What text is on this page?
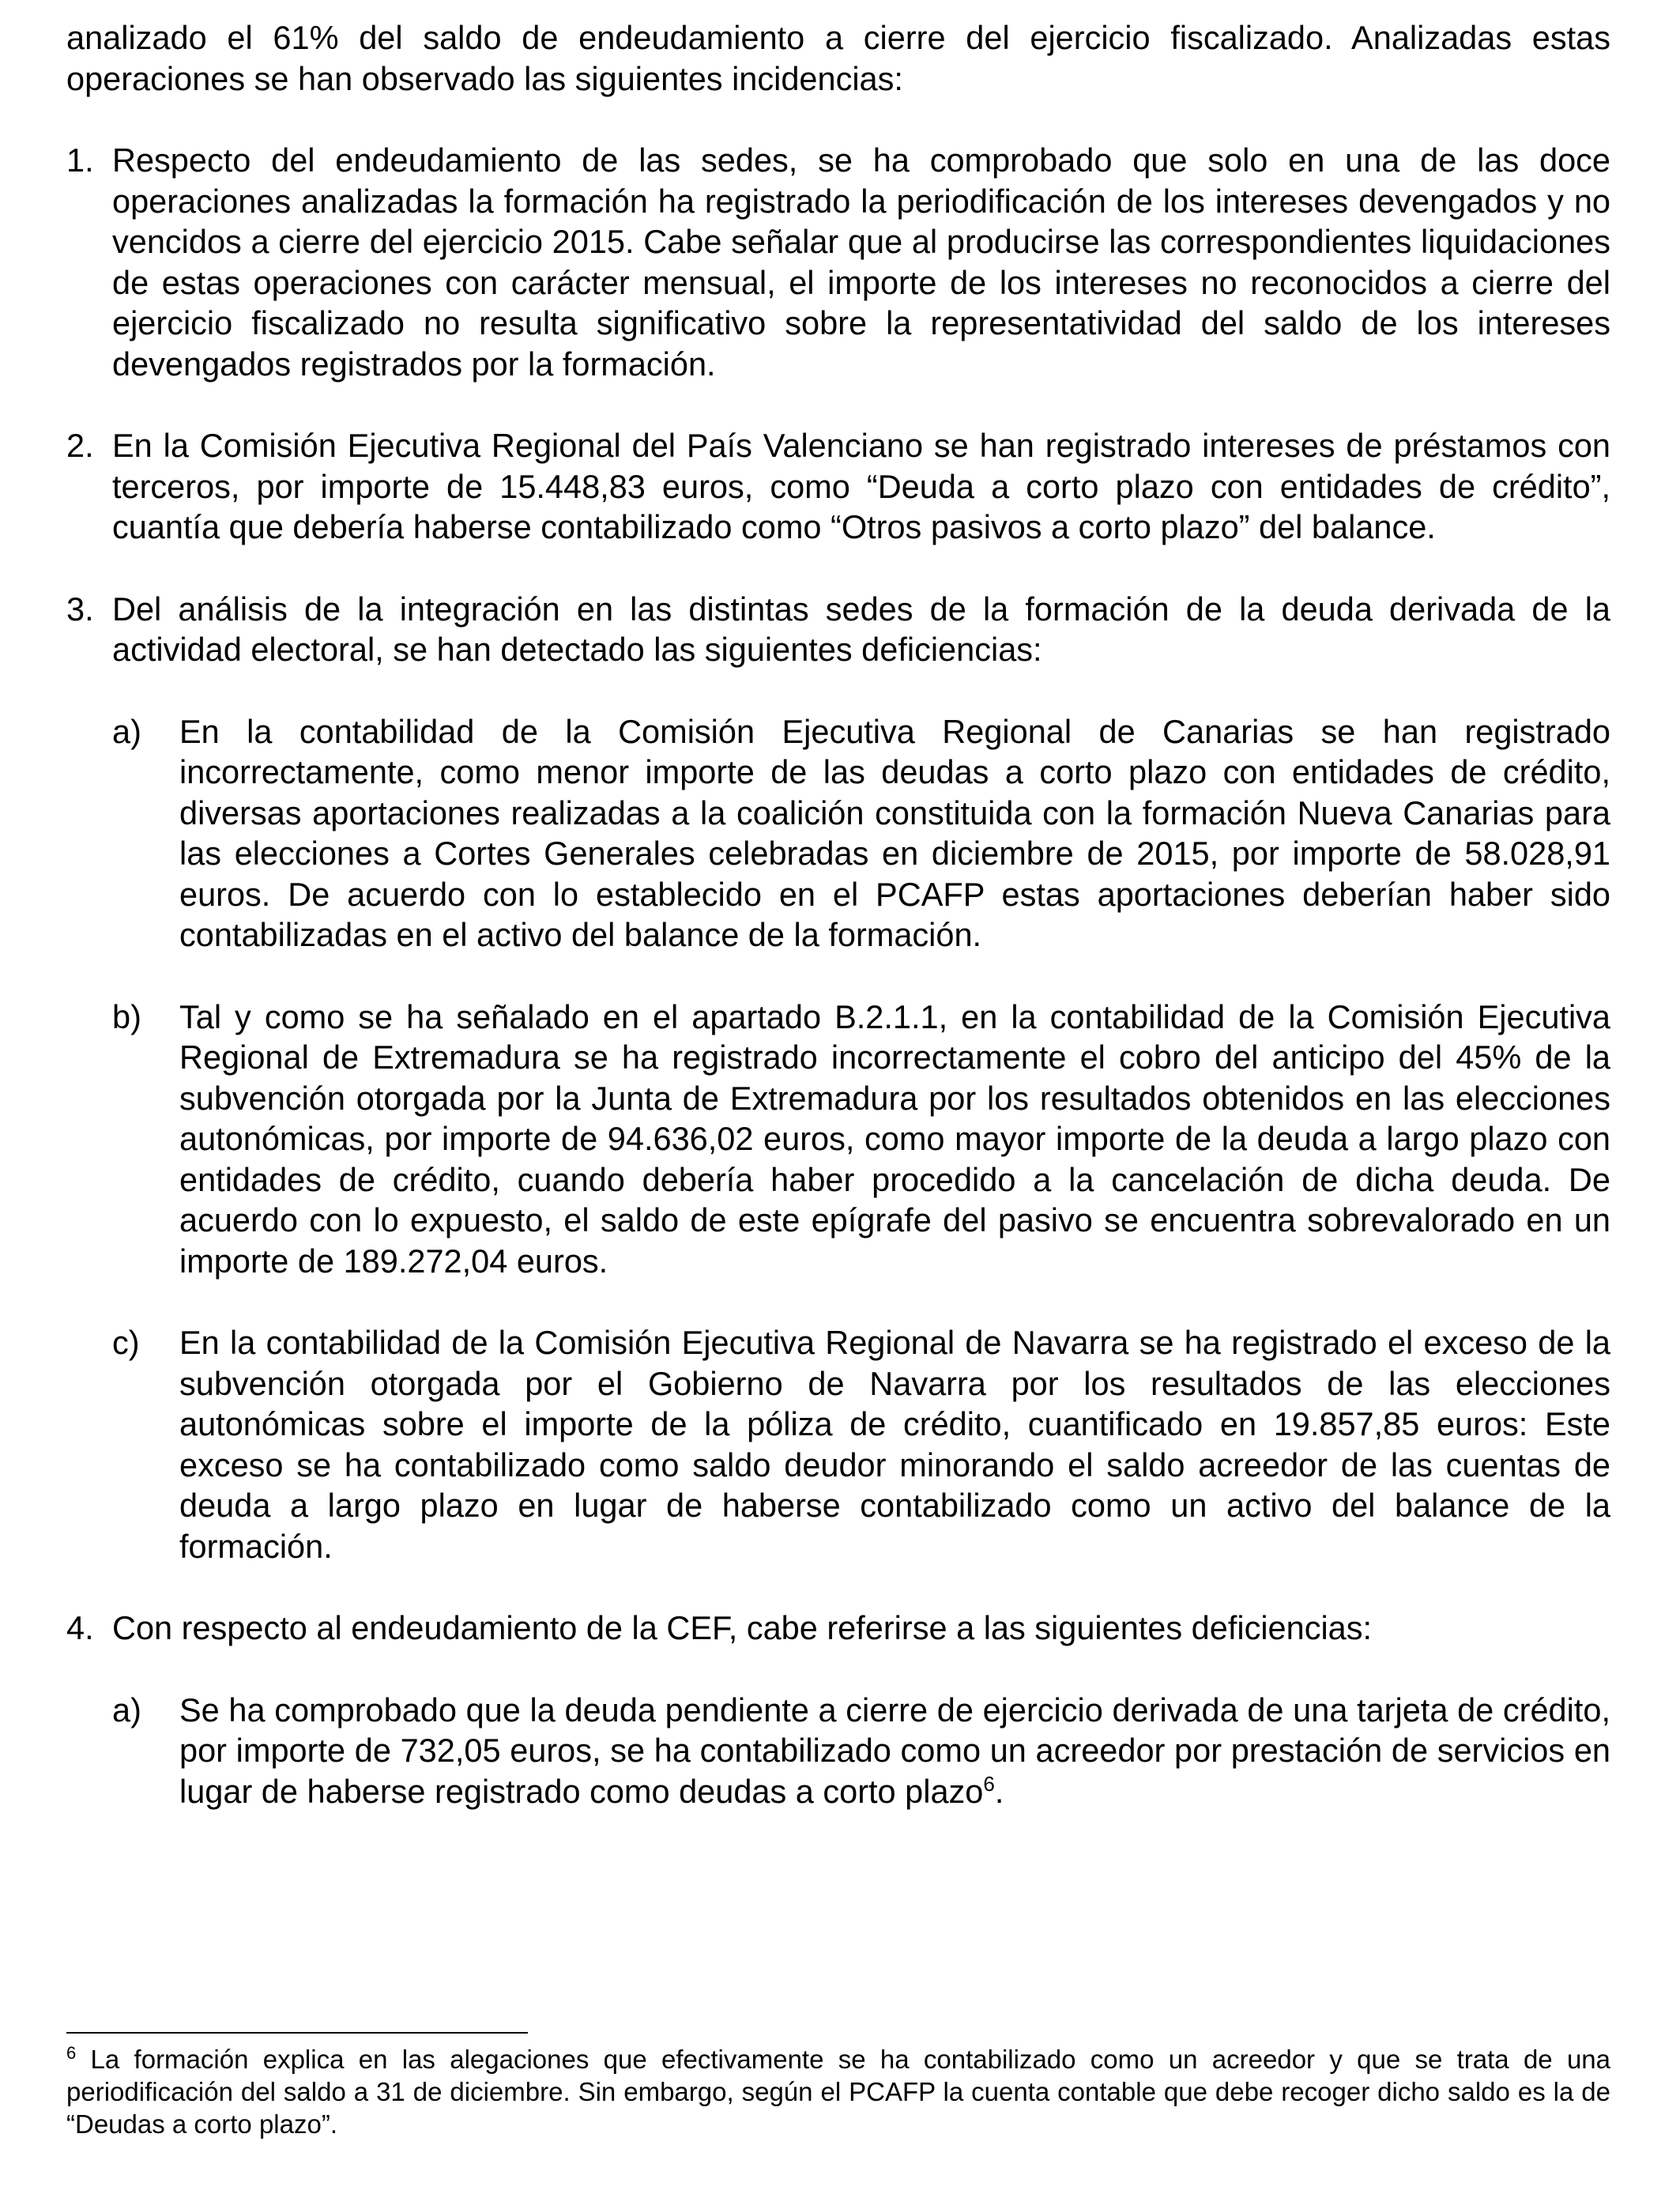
analizado el 61% del saldo de endeudamiento a cierre del ejercicio fiscalizado. Analizadas estas operaciones se han observado las siguientes incidencias:

1. Respecto del endeudamiento de las sedes, se ha comprobado que solo en una de las doce operaciones analizadas la formación ha registrado la periodificación de los intereses devengados y no vencidos a cierre del ejercicio 2015. Cabe señalar que al producirse las correspondientes liquidaciones de estas operaciones con carácter mensual, el importe de los intereses no reconocidos a cierre del ejercicio fiscalizado no resulta significativo sobre la representatividad del saldo de los intereses devengados registrados por la formación.

2. En la Comisión Ejecutiva Regional del País Valenciano se han registrado intereses de préstamos con terceros, por importe de 15.448,83 euros, como “Deuda a corto plazo con entidades de crédito”, cuantía que debería haberse contabilizado como “Otros pasivos a corto plazo” del balance.

3. Del análisis de la integración en las distintas sedes de la formación de la deuda derivada de la actividad electoral, se han detectado las siguientes deficiencias:

a)	En la contabilidad de la Comisión Ejecutiva Regional de Canarias se han registrado incorrectamente, como menor importe de las deudas a corto plazo con entidades de crédito, diversas aportaciones realizadas a la coalición constituida con la formación Nueva Canarias para las elecciones a Cortes Generales celebradas en diciembre de 2015, por importe de 58.028,91 euros. De acuerdo con lo establecido en el PCAFP estas aportaciones deberían haber sido contabilizadas en el activo del balance de la formación.
b)	Tal y como se ha señalado en el apartado B.2.1.1, en la contabilidad de la Comisión Ejecutiva Regional de Extremadura se ha registrado incorrectamente el cobro del anticipo del 45% de la subvención otorgada por la Junta de Extremadura por los resultados obtenidos en las elecciones autonómicas, por importe de 94.636,02 euros, como mayor importe de la deuda a largo plazo con entidades de crédito, cuando debería haber procedido a la cancelación de dicha deuda. De acuerdo con lo expuesto, el saldo de este epígrafe del pasivo se encuentra sobrevalorado en un importe de 189.272,04 euros.
c)	En la contabilidad de la Comisión Ejecutiva Regional de Navarra se ha registrado el exceso de la subvención otorgada por el Gobierno de Navarra por los resultados de las elecciones autonómicas sobre el importe de la póliza de crédito, cuantificado en 19.857,85 euros: Este exceso se ha contabilizado como saldo deudor minorando el saldo acreedor de las cuentas de deuda a largo plazo en lugar de haberse contabilizado como un activo del balance de la formación.
4. Con respecto al endeudamiento de la CEF, cabe referirse a las siguientes deficiencias:

a)	Se ha comprobado que la deuda pendiente a cierre de ejercicio derivada de una tarjeta de crédito, por importe de 732,05 euros, se ha contabilizado como un acreedor por prestación de servicios en lugar de haberse registrado como deudas a corto plazo$^6$.
$^6$ La formación explica en las alegaciones que efectivamente se ha contabilizado como un acreedor y que se trata de una periodificación del saldo a 31 de diciembre. Sin embargo, según el PCAFP la cuenta contable que debe recoger dicho saldo es la de “Deudas a corto plazo”.
